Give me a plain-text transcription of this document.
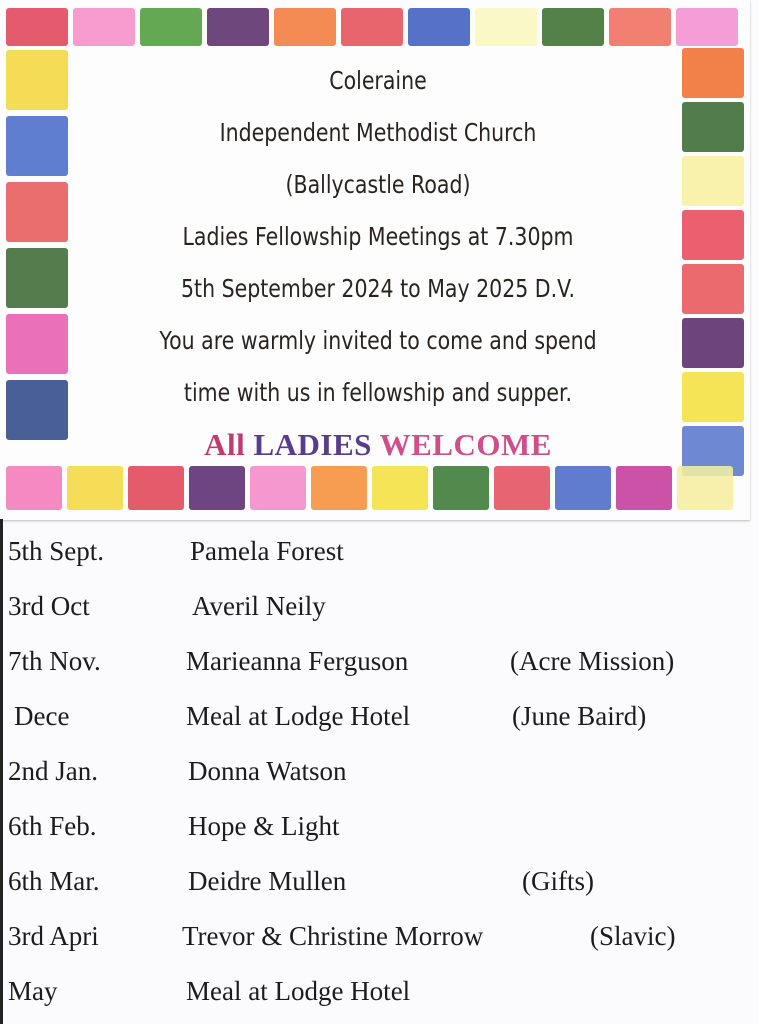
Coleraine
Independent Methodist Church
(Ballycastle Road)
Ladies Fellowship Meetings at 7.30pm
5th September 2024 to May 2025 D.V.
You are warmly invited to come and spend
time with us in fellowship and supper.
All LADIES WELCOME
5th Sept.	Pamela Forest
3rd Oct	Averil Neily
7th Nov.	Marieanna Ferguson	(Acre Mission)
Dece	Meal at Lodge Hotel	(June Baird)
2nd Jan.	Donna Watson
6th Feb.	Hope & Light
6th Mar.	Deidre Mullen	(Gifts)
3rd Apri	Trevor & Christine Morrow	(Slavic)
May	Meal at Lodge Hotel
